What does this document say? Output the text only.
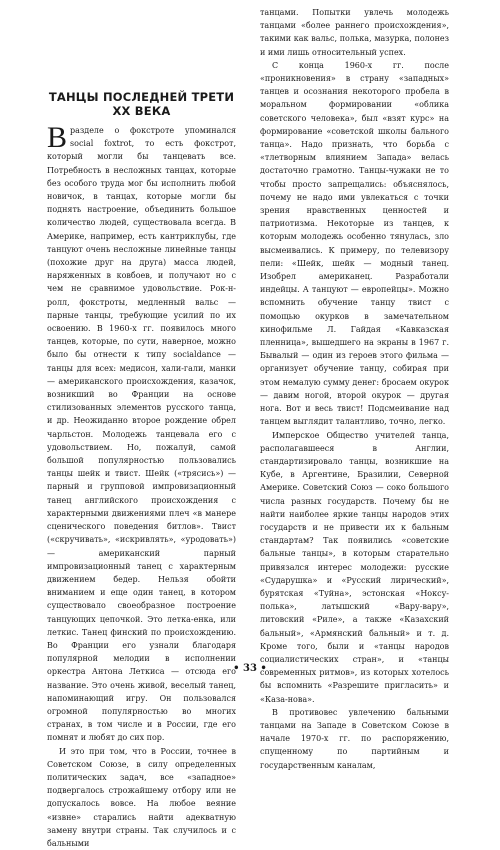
ТАНЦЫ ПОСЛЕДНЕЙ ТРЕТИ
XX ВЕКА

Вразделе о фокстроте упоминался social foxtrot, то есть фокстрот, который могли бы танцевать все. Потребность в несложных танцах, которые без особого труда мог бы исполнить любой новичок, в танцах, которые могли бы поднять настроение, объединить большое количество людей, существовала всегда. В Америке, например, есть кантриклубы, где танцуют очень несложные линейные танцы (похожие друг на друга) масса людей, наряженных в ковбоев, и получают но с чем не сравнимое удовольствие. Рок-н-ролл, фокстроты, медленный вальс — парные танцы, требующие усилий по их освоению. В 1960-х гг. появилось много танцев, которые, по сути, наверное, можно было бы отнести к типу socialdance — танцы для всех: медисон, хали-гали, манки — американского происхождения, казачок, возникший во Франции на основе стилизованных элементов русского танца, и др. Неожиданно второе рождение обрел чарльстон. Молодежь танцевала его с удовольствием. Но, пожалуй, самой большой популярностью пользовались танцы шейк и твист. Шейк («трясись») — парный и групповой импровизационный танец английского происхождения с характерными движениями плеч «в манере сценического поведения битлов». Твист («скручивать», «искривлять», «уродовать») — американский парный импровизационный танец с характерным движением бедер. Нельзя обойти вниманием и еще один танец, в котором существовало своеобразное построение танцующих цепочкой. Это летка-енка, или леткис. Танец финский по происхождению. Во Франции его узнали благодаря популярной мелодии в исполнении оркестра Антона Леткиса — отсюда его название. Это очень живой, веселый танец, напоминающий игру. Он пользовался огромной популярностью во многих странах, в том числе и в России, где его помнят и любят до сих пор.

И это при том, что в России, точнее в Советском Союзе, в силу определенных политических задач, все «западное» подвергалось строжайшему отбору или не допускалось вовсе. На любое веяние «извне» старались найти адекватную замену внутри страны. Так случилось и с бальными

танцами. Попытки увлечь молодежь танцами «более раннего происхождения», такими как вальс, полька, мазурка, полонез и ими лишь относительный успех.

С конца 1960-х гг. после «проникновения» в страну «западных» танцев и осознания некоторого пробела в моральном формировании «облика советского человека», был «взят курс» на формирование «советской школы бального танца». Надо признать, что борьба с «тлетворным влиянием Запада» велась достаточно грамотно. Танцы-чужаки не то чтобы просто запрещались: объяснялось, почему не надо ими увлекаться с точки зрения нравственных ценностей и патриотизма. Некоторые из танцев, к которым молодежь особенно тянулась, зло высмеивались. К примеру, по телевизору пели: «Шейк, шейк — модный танец. Изобрел американец. Разработали индейцы. А танцуют — европейцы». Можно вспомнить обучение танцу твист с помощью окурков в замечательном кинофильме Л. Гайдая «Кавказская пленница», вышедшего на экраны в 1967 г. Бывалый — один из героев этого фильма — организует обучение танцу, собирая при этом немалую сумму денег: бросаем окурок — давим ногой, второй окурок — другая нога. Вот и весь твист! Подсмеивание над танцем выглядит талантливо, точно, легко.

Имперское Общество учителей танца, располагавшееся в Англии, стандартизировало танцы, возникшие на Кубе, в Аргентине, Бразилии, Северной Америке. Советский Союз — соко большого числа разных государств. Почему бы не найти наиболее яркие танцы народов этих государств и не привести их к бальным стандартам? Так появились «советские бальные танцы», в которым старательно привязался интерес молодежи: русские «Сударушка» и «Русский лирический», бурятская «Туйна», эстонская «Ноксу-полька», латышский «Вару-вару», литовский «Риле», а также «Казахский бальный», «Армянский бальный» и т. д. Кроме того, были и «танцы народов социалистических стран», и «танцы современных ритмов», из которых хотелось бы вспомнить «Разрешите пригласить» и «Каза-нова».

В противовес увлечению бальными танцами на Западе в Советском Союзе в начале 1970-х гг. по распоряжению, спущенному по партийным и государственным каналам,

• 33 •
